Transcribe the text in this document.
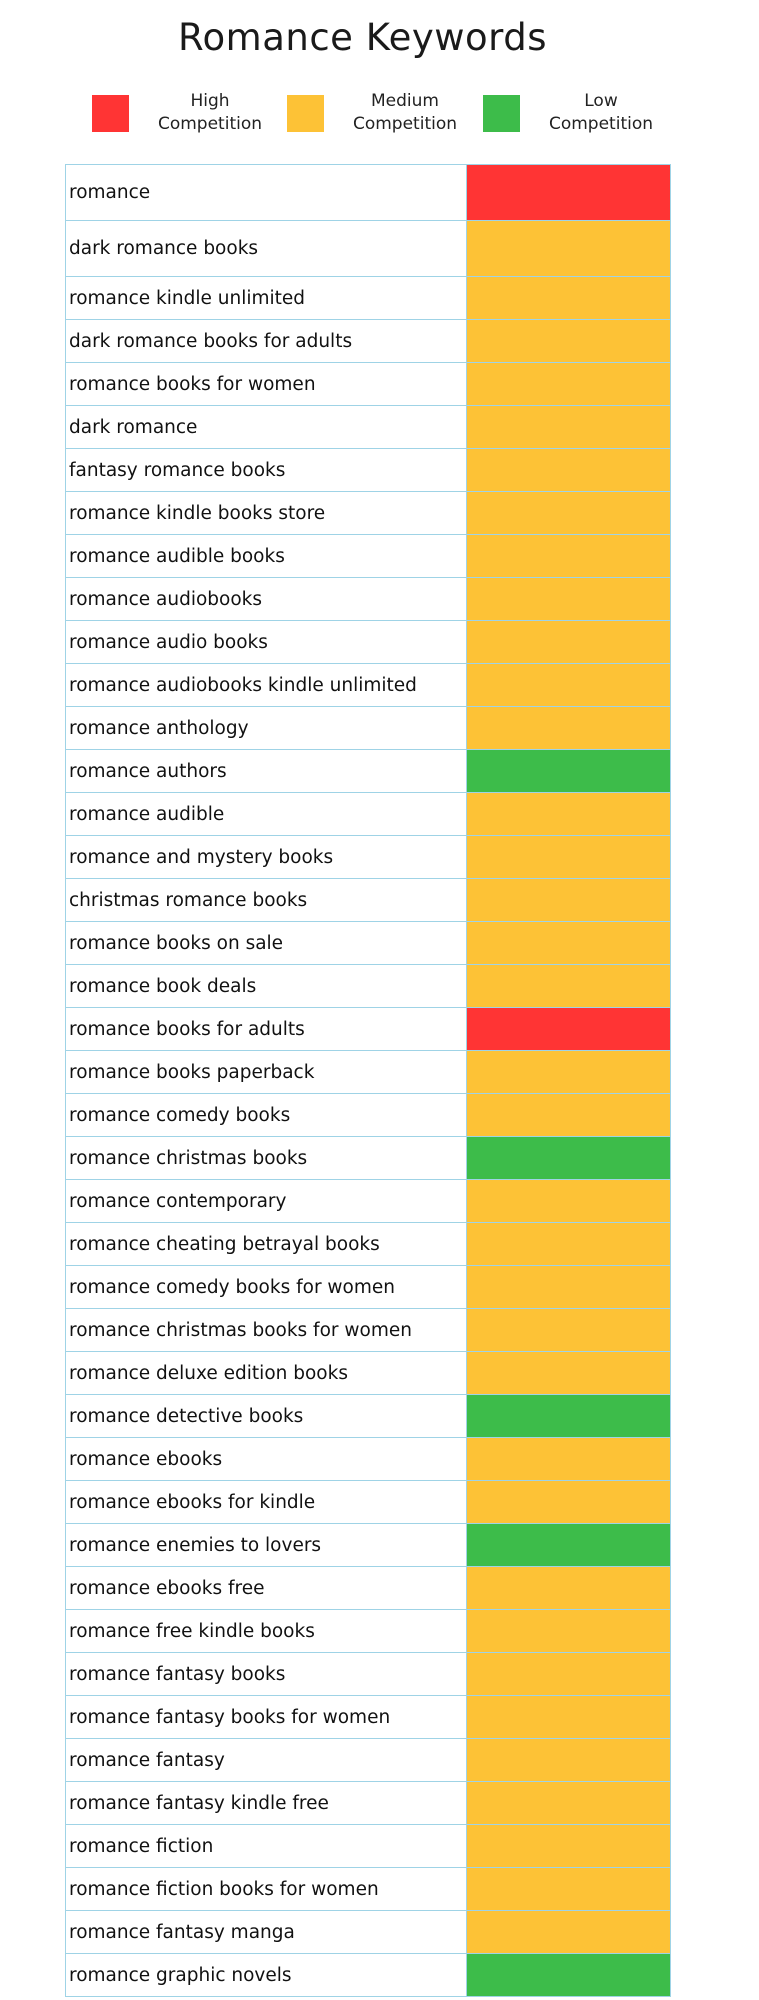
Romance Keywords
High
Competition
Medium
Competition
Low
Competition
romance	
dark romance books	
romance kindle unlimited	
dark romance books for adults	
romance books for women	
dark romance	
fantasy romance books	
romance kindle books store	
romance audible books	
romance audiobooks	
romance audio books	
romance audiobooks kindle unlimited	
romance anthology	
romance authors	
romance audible	
romance and mystery books	
christmas romance books	
romance books on sale	
romance book deals	
romance books for adults	
romance books paperback	
romance comedy books	
romance christmas books	
romance contemporary	
romance cheating betrayal books	
romance comedy books for women	
romance christmas books for women	
romance deluxe edition books	
romance detective books	
romance ebooks	
romance ebooks for kindle	
romance enemies to lovers	
romance ebooks free	
romance free kindle books	
romance fantasy books	
romance fantasy books for women	
romance fantasy	
romance fantasy kindle free	
romance fiction	
romance fiction books for women	
romance fantasy manga	
romance graphic novels	
